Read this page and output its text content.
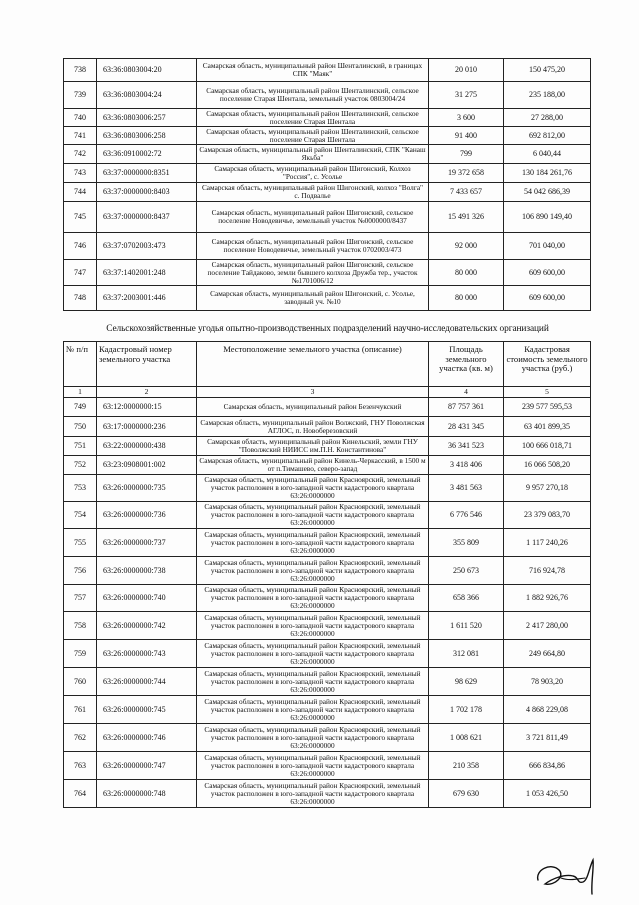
738	63:36:0803004:20	Самарская область, муниципальный район Шенталинский, в границах СПК "Маяк"	20 010	150 475,20
739	63:36:0803004:24	Самарская область, муниципальный район Шенталинский, сельское поселение Старая Шентала, земельный участок 0803004/24	31 275	235 188,00
740	63:36:0803006:257	Самарская область, муниципальный район Шенталинский, сельское поселение Старая Шентала	3 600	27 288,00
741	63:36:0803006:258	Самарская область, муниципальный район Шенталинский, сельское поселение Старая Шентала	91 400	692 812,00
742	63:36:0910002:72	Самарская область, муниципальный район Шенталинский, СПК "Канаш Якьба"	799	6 040,44
743	63:37:0000000:8351	Самарская область, муниципальный район Шигонский, Колхоз "Россия", с. Усолье	19 372 658	130 184 261,76
744	63:37:0000000:8403	Самарская область, муниципальный район Шигонский, колхоз "Волга" с. Подвалье	7 433 657	54 042 686,39
745	63:37:0000000:8437	Самарская область, муниципальный район Шигонский, сельское поселение Новодевичье, земельный участок №0000000/8437	15 491 326	106 890 149,40
746	63:37:0702003:473	Самарская область, муниципальный район Шигонский, сельское поселение Новодевичье, земельный участок 0702003/473	92 000	701 040,00
747	63:37:1402001:248	Самарская область, муниципальный район Шигонский, сельское поселение Тайдаково, земли бывшего колхоза Дружба тер., участок №1701006/12	80 000	609 600,00
748	63:37:2003001:446	Самарская область, муниципальный район Шигонский, с. Усолье, заводный уч. №10	80 000	609 600,00
Сельскохозяйственные угодья опытно-производственных подразделений научно-исследовательских организаций
№ п/п	Кадастровый номер земельного участка	Местоположение земельного участка (описание)	Площадь земельного участка (кв. м)	Кадастровая стоимость земельного участка (руб.)
1	2	3	4	5
749	63:12:0000000:15	Самарская область, муниципальный район Безенчукский	87 757 361	239 577 595,53
750	63:17:0000000:236	Самарская область, муниципальный район Волжский, ГНУ Поволжская АГЛОС, п. Новоберезовский	28 431 345	63 401 899,35
751	63:22:0000000:438	Самарская область, муниципальный район Кинельский, земли ГНУ "Поволжский НИИСС им.П.Н. Константинова"	36 341 523	100 666 018,71
752	63:23:0908001:002	Самарская область, муниципальный район Кинель-Черкасский, в 1500 м от п.Тимашево, северо-запад	3 418 406	16 066 508,20
753	63:26:0000000:735	Самарская область, муниципальный район Красноярский, земельный участок расположен в юго-западной части кадастрового квартала 63:26:0000000	3 481 563	9 957 270,18
754	63:26:0000000:736	Самарская область, муниципальный район Красноярский, земельный участок расположен в юго-западной части кадастрового квартала 63:26:0000000	6 776 546	23 379 083,70
755	63:26:0000000:737	Самарская область, муниципальный район Красноярский, земельный участок расположен в юго-западной части кадастрового квартала 63:26:0000000	355 809	1 117 240,26
756	63:26:0000000:738	Самарская область, муниципальный район Красноярский, земельный участок расположен в юго-западной части кадастрового квартала 63:26:0000000	250 673	716 924,78
757	63:26:0000000:740	Самарская область, муниципальный район Красноярский, земельный участок расположен в юго-западной части кадастрового квартала 63:26:0000000	658 366	1 882 926,76
758	63:26:0000000:742	Самарская область, муниципальный район Красноярский, земельный участок расположен в юго-западной части кадастрового квартала 63:26:0000000	1 611 520	2 417 280,00
759	63:26:0000000:743	Самарская область, муниципальный район Красноярский, земельный участок расположен в юго-западной части кадастрового квартала 63:26:0000000	312 081	249 664,80
760	63:26:0000000:744	Самарская область, муниципальный район Красноярский, земельный участок расположен в юго-западной части кадастрового квартала 63:26:0000000	98 629	78 903,20
761	63:26:0000000:745	Самарская область, муниципальный район Красноярский, земельный участок расположен в юго-западной части кадастрового квартала 63:26:0000000	1 702 178	4 868 229,08
762	63:26:0000000:746	Самарская область, муниципальный район Красноярский, земельный участок расположен в юго-западной части кадастрового квартала 63:26:0000000	1 008 621	3 721 811,49
763	63:26:0000000:747	Самарская область, муниципальный район Красноярский, земельный участок расположен в юго-западной части кадастрового квартала 63:26:0000000	210 358	666 834,86
764	63:26:0000000:748	Самарская область, муниципальный район Красноярский, земельный участок расположен в юго-западной части кадастрового квартала 63:26:0000000	679 630	1 053 426,50
